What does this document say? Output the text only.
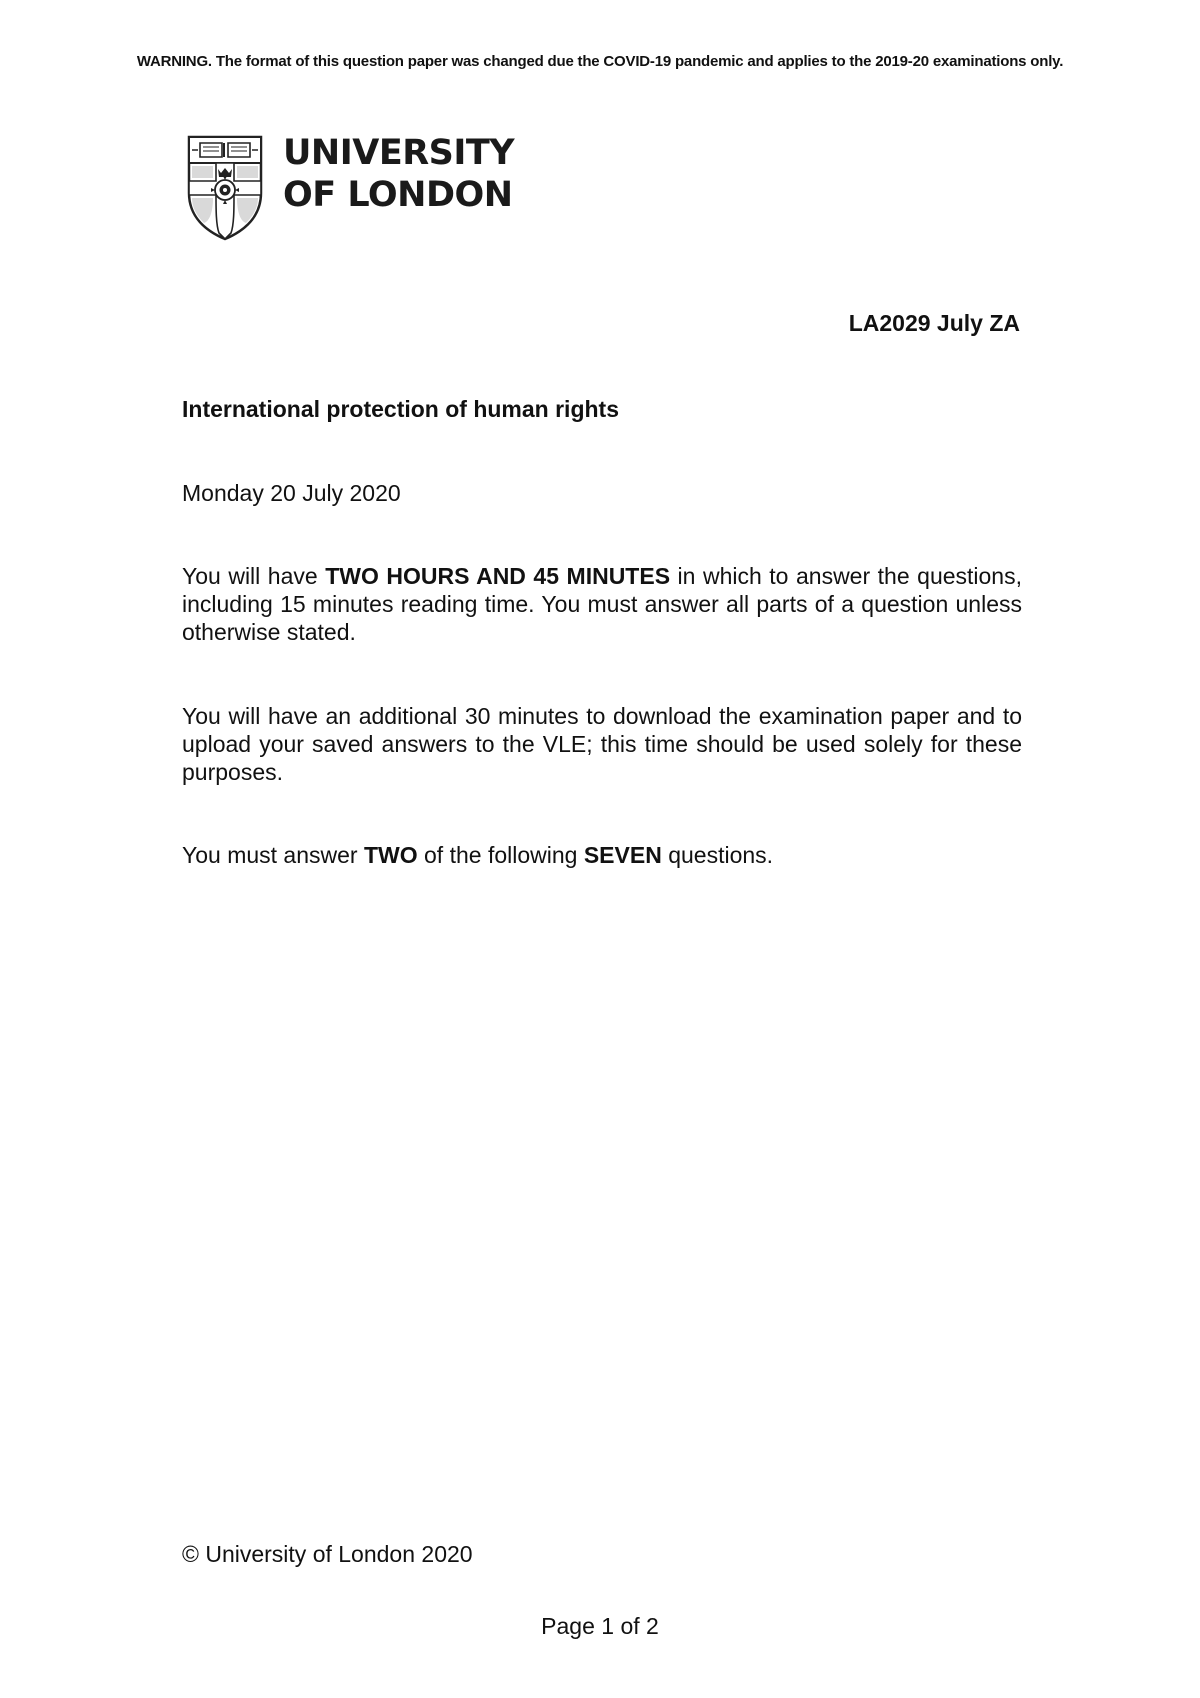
WARNING. The format of this question paper was changed due the COVID-19 pandemic and applies to the 2019-20 examinations only.
UNIVERSITY
OF LONDON
LA2029 July ZA
International protection of human rights
Monday 20 July 2020
You will have TWO HOURS AND 45 MINUTES in which to answer the questions, including 15 minutes reading time. You must answer all parts of a question unless otherwise stated.
You will have an additional 30 minutes to download the examination paper and to upload your saved answers to the VLE; this time should be used solely for these purposes.
You must answer TWO of the following SEVEN questions.
© University of London 2020
Page 1 of 2
